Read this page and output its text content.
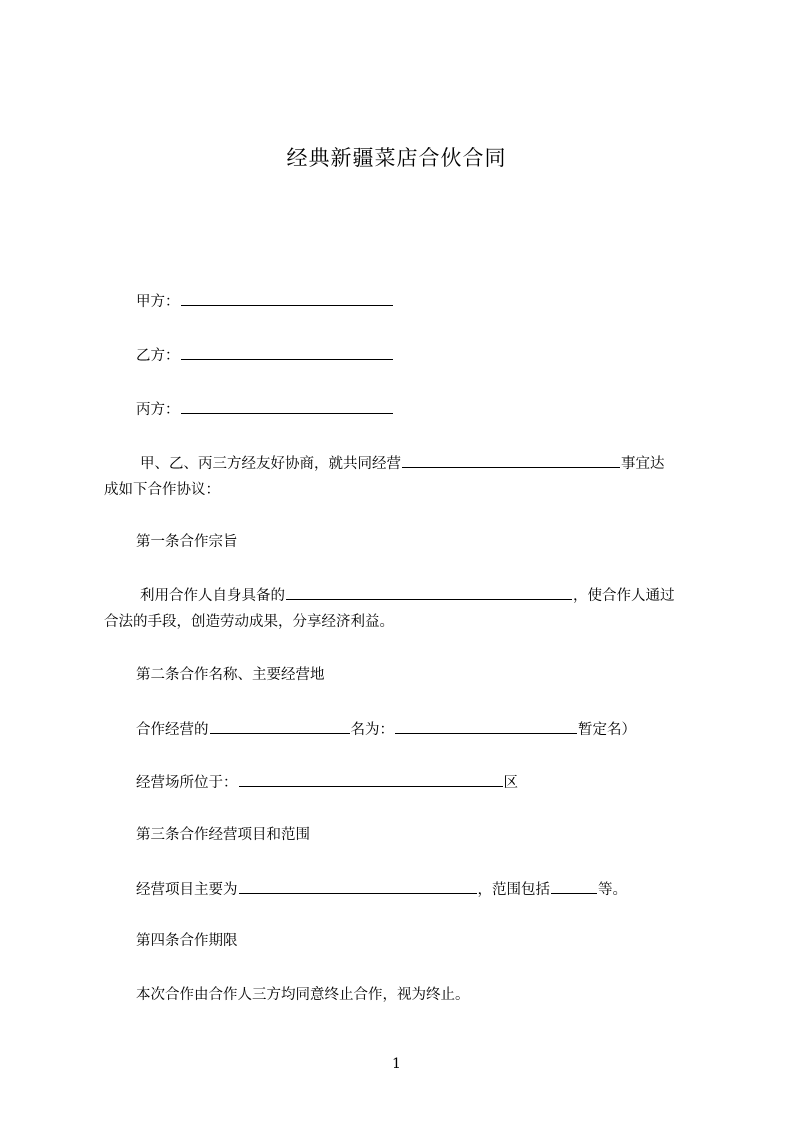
经典新疆菜店合伙合同
甲方：
乙方：
丙方：
甲、乙、丙三方经友好协商，就共同经营	事宜达
成如下合作协议：
第一条合作宗旨
利用合作人自身具备的	，使合作人通过
合法的手段，创造劳动成果，分享经济利益。
第二条合作名称、主要经营地
合作经营的	名为：	暂定名）
经营场所位于：	区
第三条合作经营项目和范围
经营项目主要为	，范围包括	等。
第四条合作期限
本次合作由合作人三方均同意终止合作，视为终止。
1
